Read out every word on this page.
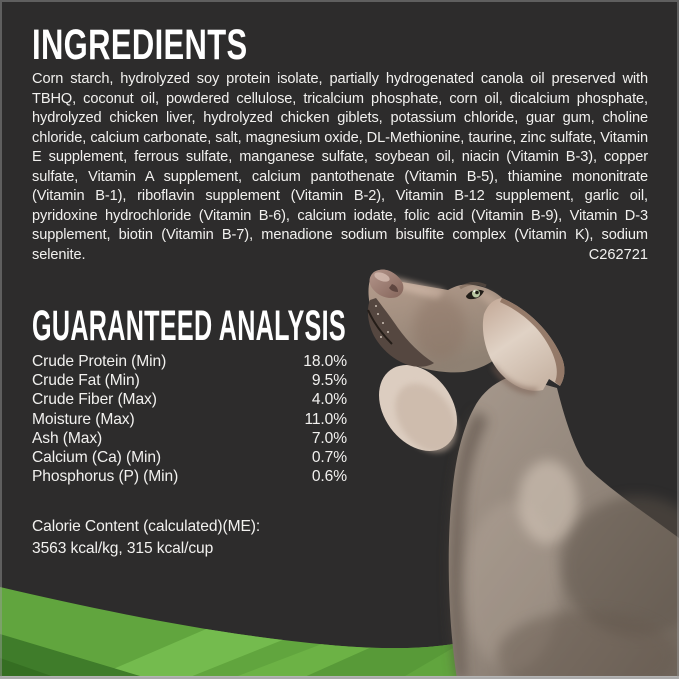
INGREDIENTS
Corn starch, hydrolyzed soy protein isolate, partially hydrogenated canola oil preserved with TBHQ, coconut oil, powdered cellulose, tricalcium phosphate, corn oil, dicalcium phosphate, hydrolyzed chicken liver, hydrolyzed chicken giblets, potassium chloride, guar gum, choline chloride, calcium carbonate, salt, magnesium oxide, DL-Methionine, taurine, zinc sulfate, Vitamin E supplement, ferrous sulfate, manganese sulfate, soybean oil, niacin (Vitamin B-3), copper sulfate, Vitamin A supplement, calcium pantothenate (Vitamin B-5), thiamine mononitrate (Vitamin B-1), riboflavin supplement (Vitamin B-2), Vitamin B-12 supplement, garlic oil, pyridoxine hydrochloride (Vitamin B-6), calcium iodate, folic acid (Vitamin B-9), Vitamin D-3 supplement, biotin (Vitamin B-7), menadione sodium bisulfite complex (Vitamin K), sodium selenite.	C262721
GUARANTEED ANALYSIS
Crude Protein (Min)	18.0%
Crude Fat (Min)	9.5%
Crude Fiber (Max)	4.0%
Moisture (Max)	11.0%
Ash (Max)	7.0%
Calcium (Ca) (Min)	0.7%
Phosphorus (P) (Min)	0.6%
Calorie Content (calculated)(ME):
3563 kcal/kg, 315 kcal/cup
